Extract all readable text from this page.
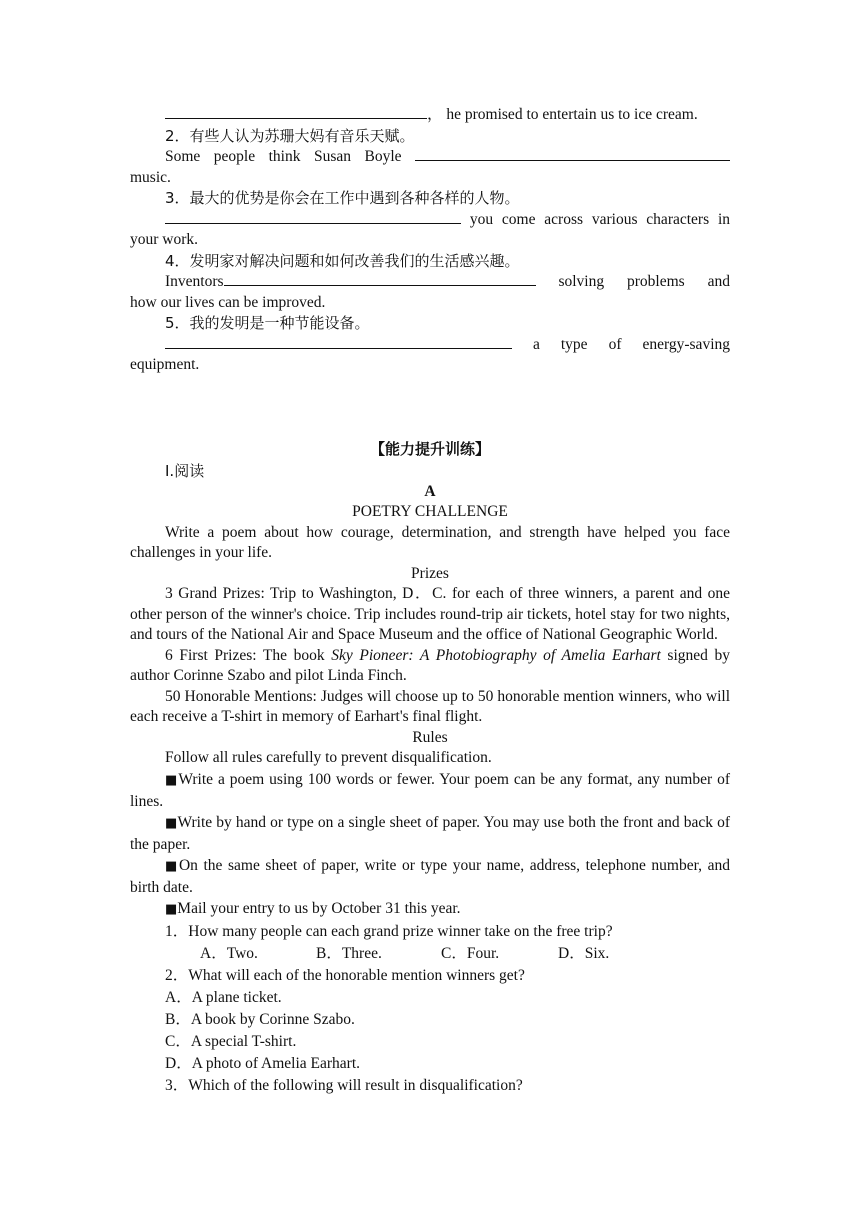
， he promised to entertain us to ice cream.

2．有些人认为苏珊大妈有音乐天赋。

Some people think Susan Boyle

music.

3．最大的优势是你会在工作中遇到各种各样的人物。

you come across various characters in

your work.

4．发明家对解决问题和如何改善我们的生活感兴趣。

Inventors	solving problems and

how our lives can be improved.

5．我的发明是一种节能设备。

a type of energy-saving

equipment.

【能力提升训练】

Ⅰ.阅读

A

POETRY CHALLENGE

Write a poem about how courage, determination, and strength have helped you face challenges in your life.

Prizes

3 Grand Prizes: Trip to Washington, D．C. for each of three winners, a parent and one other person of the winner's choice. Trip includes round-trip air tickets, hotel stay for two nights, and tours of the National Air and Space Museum and the office of National Geographic World.

6 First Prizes: The book Sky Pioneer: A Photobiography of Amelia Earhart signed by author Corinne Szabo and pilot Linda Finch.

50 Honorable Mentions: Judges will choose up to 50 honorable mention winners, who will each receive a T-shirt in memory of Earhart's final flight.

Rules

Follow all rules carefully to prevent disqualification.

■Write a poem using 100 words or fewer. Your poem can be any format, any number of lines.

■Write by hand or type on a single sheet of paper. You may use both the front and back of the paper.

■On the same sheet of paper, write or type your name, address, telephone number, and birth date.

■Mail your entry to us by October 31 this year.

1．How many people can each grand prize winner take on the free trip?

A．Two.	B．Three.	C．Four.	D．Six.

2．What will each of the honorable mention winners get?

A．A plane ticket.

B．A book by Corinne Szabo.

C．A special T-shirt.

D．A photo of Amelia Earhart.

3．Which of the following will result in disqualification?
